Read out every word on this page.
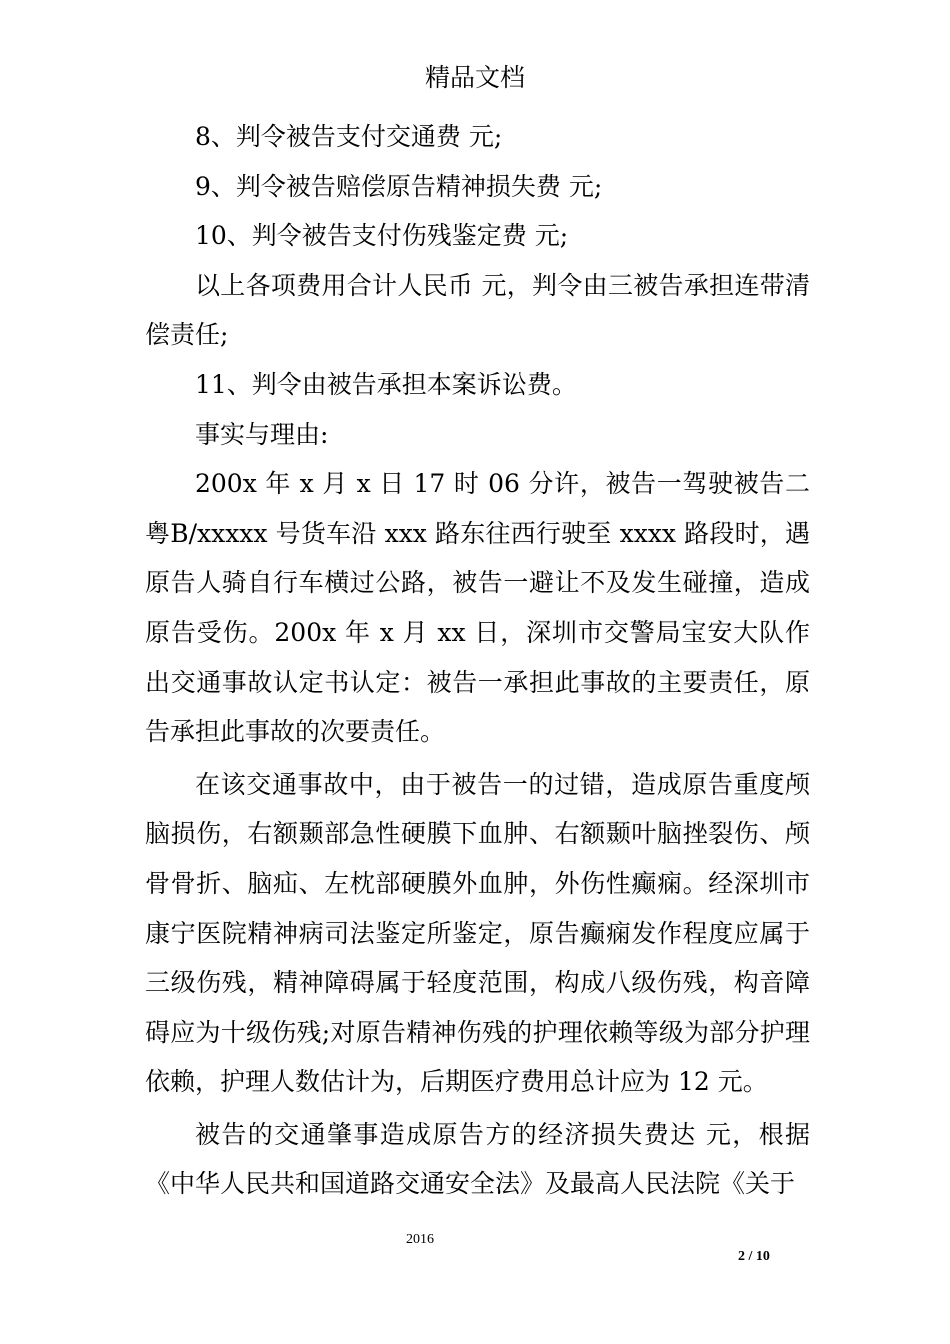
精品文档

8、判令被告支付交通费 元;

9、判令被告赔偿原告精神损失费 元;

10、判令被告支付伤残鉴定费 元;

以上各项费用合计人民币 元，判令由三被告承担连带清偿责任;

11、判令由被告承担本案诉讼费。

事实与理由:

200x 年 x 月 x 日 17 时 06 分许，被告一驾驶被告二粤B/xxxxx 号货车沿 xxx 路东往西行驶至 xxxx 路段时，遇原告人骑自行车横过公路，被告一避让不及发生碰撞，造成原告受伤。200x 年 x 月 xx 日，深圳市交警局宝安大队作出交通事故认定书认定：被告一承担此事故的主要责任，原告承担此事故的次要责任。

在该交通事故中，由于被告一的过错，造成原告重度颅脑损伤，右额颞部急性硬膜下血肿、右额颞叶脑挫裂伤、颅骨骨折、脑疝、左枕部硬膜外血肿，外伤性癫痫。经深圳市康宁医院精神病司法鉴定所鉴定，原告癫痫发作程度应属于三级伤残，精神障碍属于轻度范围，构成八级伤残，构音障碍应为十级伤残;对原告精神伤残的护理依赖等级为部分护理依赖，护理人数估计为，后期医疗费用总计应为 12 元。

被告的交通肇事造成原告方的经济损失费达 元，根据《中华人民共和国道路交通安全法》及最高人民法院《关于

2016
2 / 10
